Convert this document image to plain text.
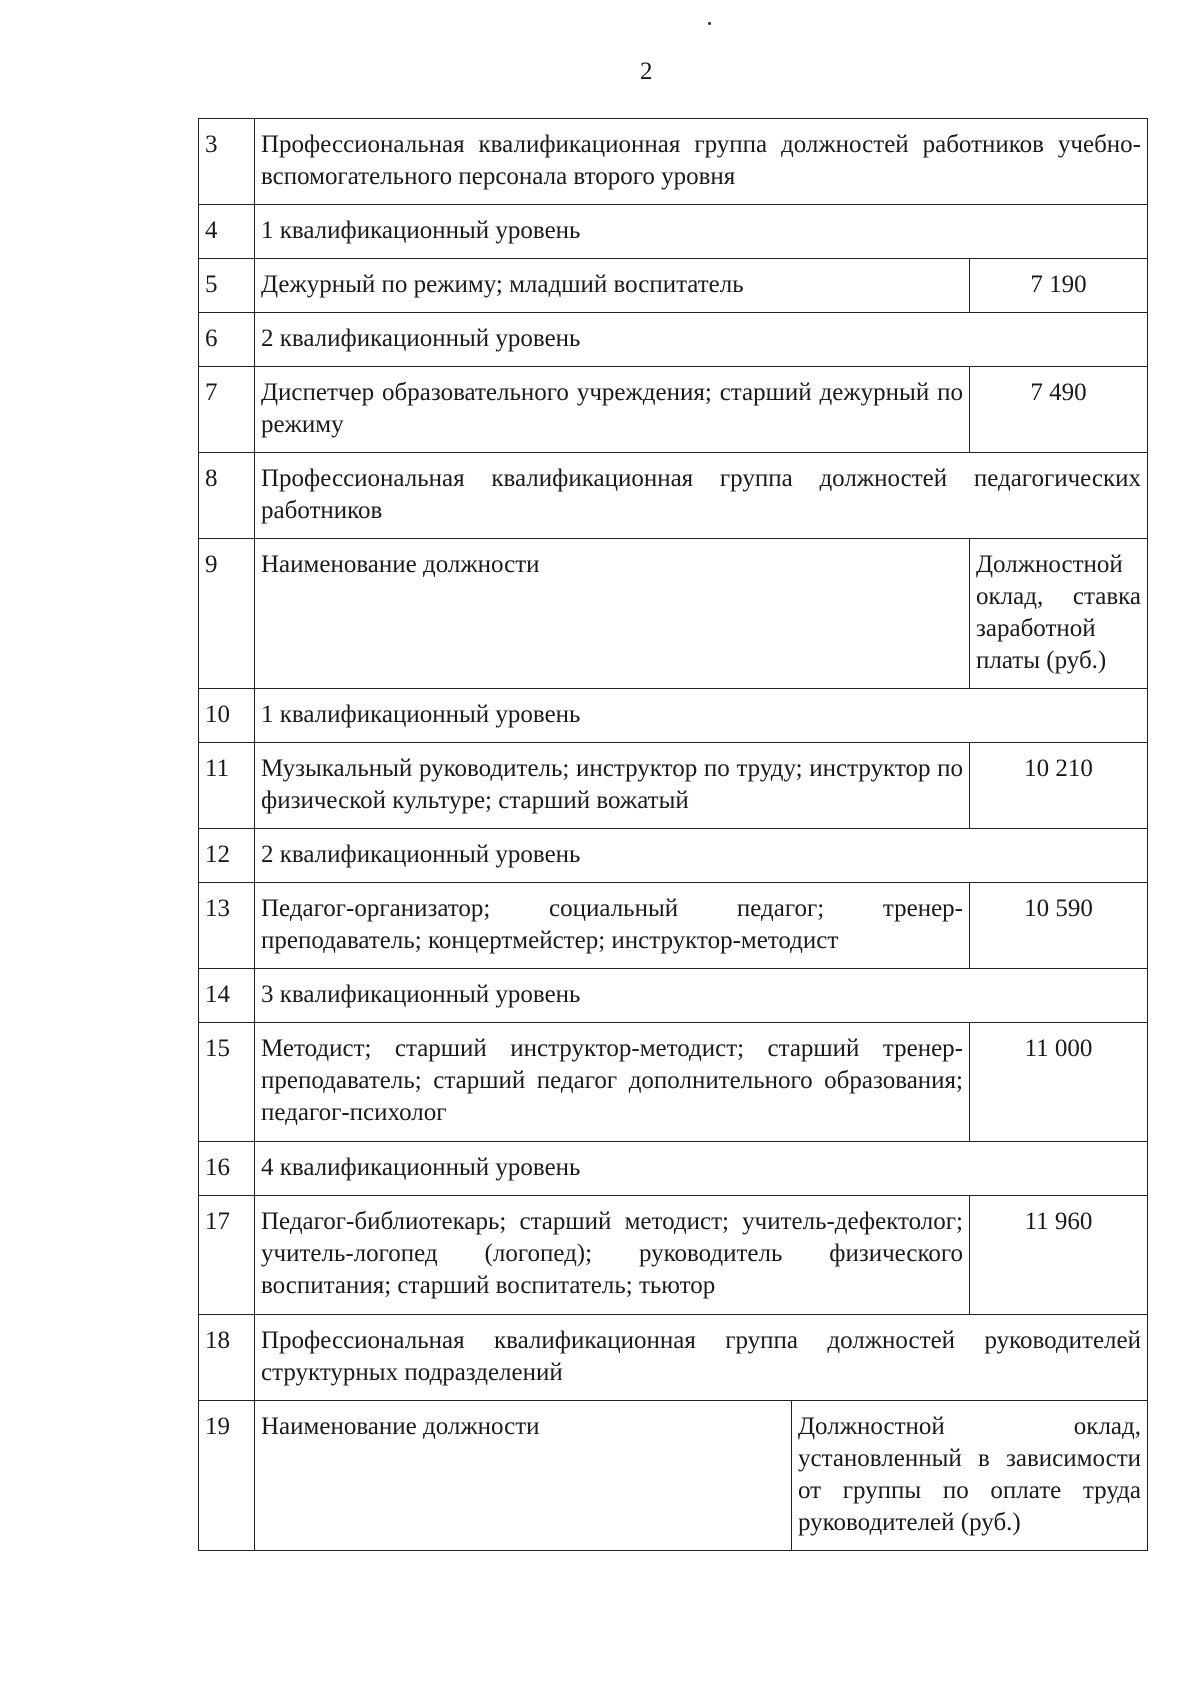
2
3	Профессиональная квалификационная группа должностей работников учебно-вспомогательного персонала второго уровня		
4	1 квалификационный уровень		
5	Дежурный по режиму; младший воспитатель		7 190
6	2 квалификационный уровень		
7	Диспетчер образовательного учреждения; старший дежурный по режиму		7 490
8	Профессиональная квалификационная группа должностей педагогических работников		
9	Наименование должности		Должностной оклад, ставка заработной платы (руб.)
10	1 квалификационный уровень		
11	Музыкальный руководитель; инструктор по труду; инструктор по физической культуре; старший вожатый		10 210
12	2 квалификационный уровень		
13	Педагог-организатор; социальный педагог; тренер-преподаватель; концертмейстер; инструктор-методист		10 590
14	3 квалификационный уровень		
15	Методист; старший инструктор-методист; старший тренер-преподаватель; старший педагог дополнительного образования; педагог-психолог		11 000
16	4 квалификационный уровень		
17	Педагог-библиотекарь; старший методист; учитель-дефектолог; учитель-логопед (логопед); руководитель физического воспитания; старший воспитатель; тьютор		11 960
18	Профессиональная квалификационная группа должностей руководителей структурных подразделений		
19	Наименование должности	Должностной оклад, установленный в зависимости от группы по оплате труда руководителей (руб.)	
